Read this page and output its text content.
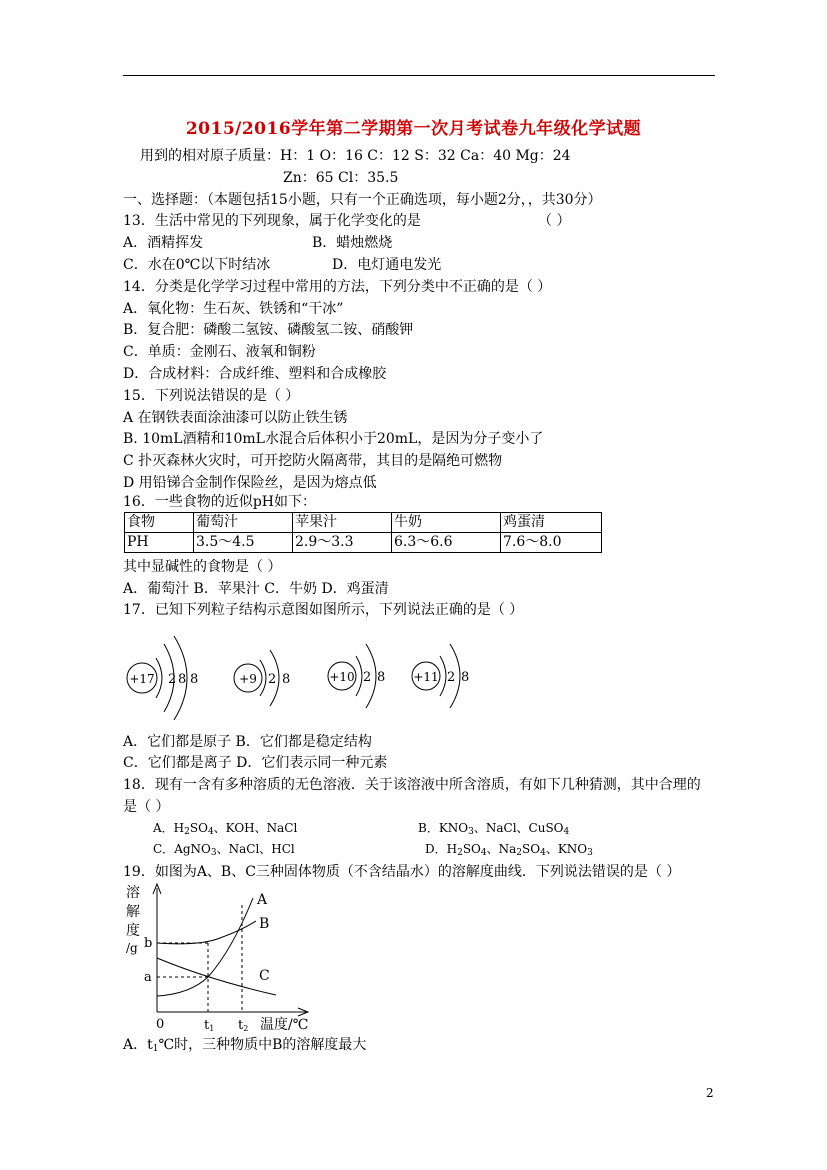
2015/2016学年第二学期第一次月考试卷九年级化学试题
用到的相对原子质量：H：1 O：16 C：12 S：32 Ca：40 Mg：24
Zn：65 Cl：35.5
一、选择题：（本题包括15小题，只有一个正确选项，每小题2分，，共30分）
13．生活中常见的下列现象，属于化学变化的是	（ ）
A．酒精挥发	B．蜡烛燃烧
C．水在0℃以下时结冰	D．电灯通电发光
14．分类是化学学习过程中常用的方法，下列分类中不正确的是（ ）
A．氧化物：生石灰、铁锈和“干冰”
B．复合肥：磷酸二氢铵、磷酸氢二铵、硝酸钾
C．单质：金刚石、液氧和铜粉
D．合成材料：合成纤维、塑料和合成橡胶
15．下列说法错误的是（ ）
A 在钢铁表面涂油漆可以防止铁生锈
B. 10mL酒精和10mL水混合后体积小于20mL，是因为分子变小了
C 扑灭森林火灾时，可开挖防火隔离带，其目的是隔绝可燃物
D 用铅锑合金制作保险丝，是因为熔点低
16．一些食物的近似pH如下：
食物	葡萄汁	苹果汁	牛奶	鸡蛋清
PH	3.5～4.5	2.9～3.3	6.3～6.6	7.6～8.0
其中显碱性的食物是（ ）
A．葡萄汁 B．苹果汁 C．牛奶 D．鸡蛋清
17．已知下列粒子结构示意图如图所示，下列说法正确的是（ ）
+17 2 8 8	+9 2 8	+10 2 8 +11 2 8
A．它们都是原子 B．它们都是稳定结构
C．它们都是离子 D．它们表示同一种元素
18．现有一含有多种溶质的无色溶液．关于该溶液中所含溶质，有如下几种猜测，其中合理的
是（ ）
A．$H_2SO_4$、KOH、NaCl	B．$KNO_3$、NaCl、CuSO$_4$
C．AgNO$_3$、NaCl、HCl	D．$H_2SO_4$、$Na_2SO_4$、$KNO_3$
19．如图为A、B、C三种固体物质（不含结晶水）的溶解度曲线．下列说法错误的是（ ）
溶
解
度
/g
A
B
C
b
a
0	t1 t2 温度/℃
A．$t_1℃$时，三种物质中B的溶解度最大
2
